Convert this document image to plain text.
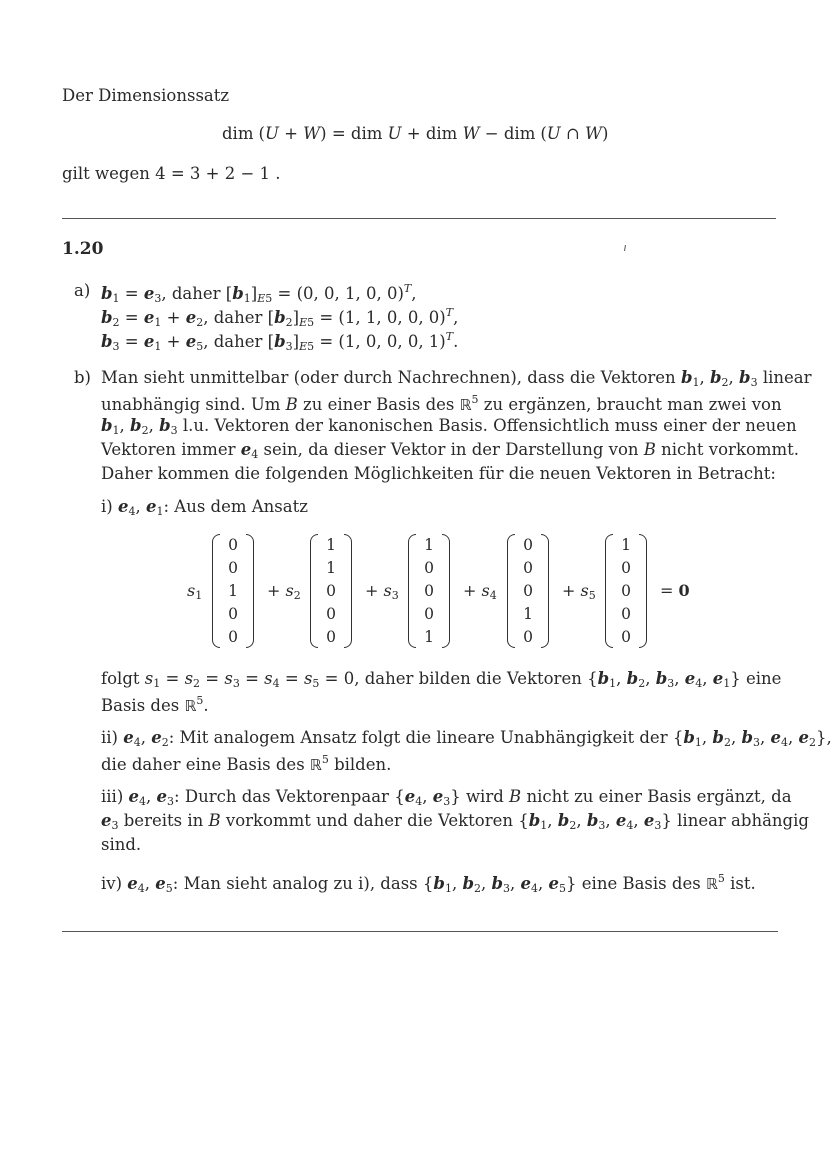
Der Dimensionssatz
dim (U + W) = dim U + dim W − dim (U ∩ W)
gilt wegen 4 = 3 + 2 − 1 .
1.20
a) $b_1 = e_3$, daher $[b_1]_{E5} = (0$, 0, 1, 0, 0)$^T$,
$b_2 = e_1 + e_2$, daher $[b_2]_{E5} = (1$, 1, 0, 0, 0)$^T$,
$b_3 = e_1 + e_5$, daher $[b_3]_{E5} = (1$, 0, 0, 0, 1)$^T$.
b) Man sieht unmittelbar (oder durch Nachrechnen), dass die Vektoren $b_1$, $b_2$, $b_3$ linear
unabhängig sind. Um B zu einer Basis des ℝ$^5$ zu ergänzen, braucht man zwei von
$b_1$, $b_2$, $b_3$ l.u. Vektoren der kanonischen Basis. Offensichtlich muss einer der neuen
Vektoren immer $e_4$ sein, da dieser Vektor in der Darstellung von B nicht vorkommt.
Daher kommen die folgenden Möglichkeiten für die neuen Vektoren in Betracht:
i) $e_4$, $e_1$: Aus dem Ansatz
$s_1$
0
0
1
0
0
+ $s_2$
1
1
0
0
0
+ $s_3$
1
0
0
0
1
+ $s_4$
0
0
0
1
0
+ $s_5$
1
0
0
0
0
= 0
folgt $s_1 = s_2 = s_3 = s_4 = s_5 = 0$, daher bilden die Vektoren {$b_1$, $b_2$, $b_3$, $e_4$, $e_1$} eine
Basis des ℝ$^5$.
ii) $e_4$, $e_2$: Mit analogem Ansatz folgt die lineare Unabhängigkeit der {$b_1$, $b_2$, $b_3$, $e_4$, $e_2$},
die daher eine Basis des ℝ$^5$ bilden.
iii) $e_4$, $e_3$: Durch das Vektorenpaar {$e_4$, $e_3$} wird B nicht zu einer Basis ergänzt, da
$e_3$ bereits in B vorkommt und daher die Vektoren {$b_1$, $b_2$, $b_3$, $e_4$, $e_3$} linear abhängig
sind.
iv) $e_4$, $e_5$: Man sieht analog zu i), dass {$b_1$, $b_2$, $b_3$, $e_4$, $e_5$} eine Basis des ℝ$^5$ ist.
